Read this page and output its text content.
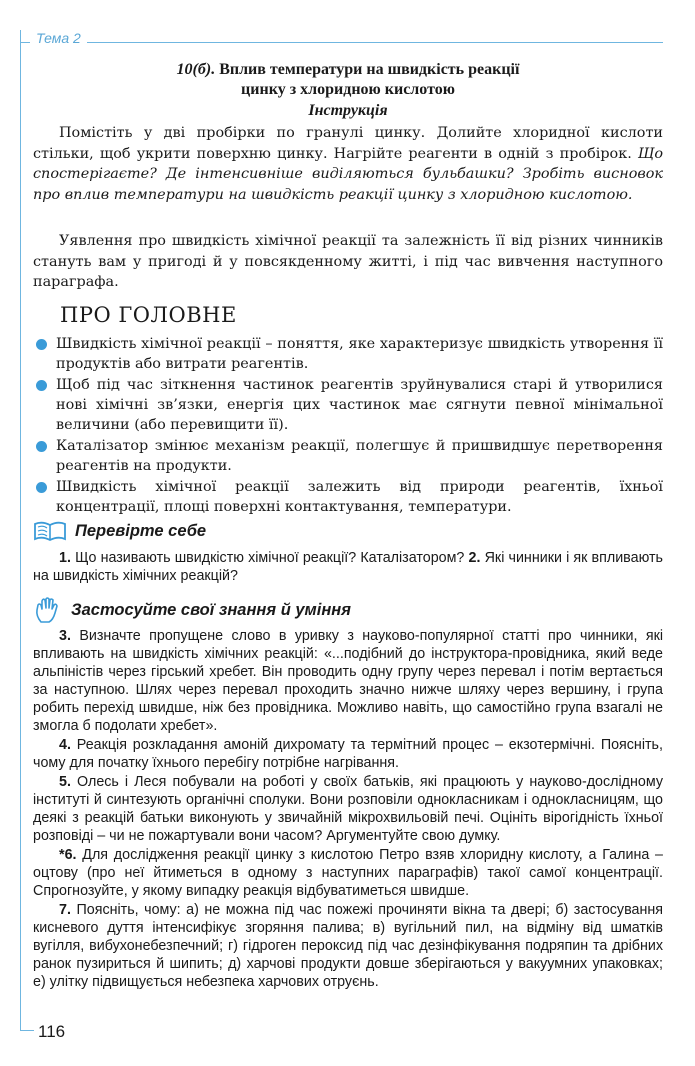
Тема 2
10(б). Вплив температури на швидкість реакції
цинку з хлоридною кислотою
Інструкція
Помістіть у дві пробірки по гранулі цинку. Долийте хлоридної кислоти стільки, щоб укрити поверхню цинку. Нагрійте реагенти в одній з пробірок. Що спостерігаєте? Де інтенсивніше виділяються бульбашки? Зробіть висновок про вплив температури на швидкість реакції цинку з хлоридною кислотою.
Уявлення про швидкість хімічної реакції та залежність її від різних чинників стануть вам у пригоді й у повсякденному житті, і під час вивчення наступного параграфа.
ПРО ГОЛОВНЕ
Швидкість хімічної реакції – поняття, яке характеризує швидкість утворення її продуктів або витрати реагентів.
Щоб під час зіткнення частинок реагентів зруйнувалися старі й утворилися нові хімічні зв’язки, енергія цих частинок має сягнути певної мінімальної величини (або перевищити її).
Каталізатор змінює механізм реакції, полегшує й пришвидшує перетворення реагентів на продукти.
Швидкість хімічної реакції залежить від природи реагентів, їхньої концентрації, площі поверхні контактування, температури.
Перевірте себе

1. Що називають швидкістю хімічної реакції? Каталізатором? 2. Які чинники і як впливають на швидкість хімічних реакцій?

Застосуйте свої знання й уміння

3. Визначте пропущене слово в уривку з науково-популярної статті про чинники, які впливають на швидкість хімічних реакцій: «...подібний до інструктора-провідника, який веде альпіністів через гірський хребет. Він проводить одну групу через перевал і потім вертається за наступною. Шлях через перевал проходить значно нижче шляху через вершину, і група робить перехід швидше, ніж без провідника. Можливо навіть, що самостійно група взагалі не змогла б подолати хребет».

4. Реакція розкладання амоній дихромату та термітний процес – екзотермічні. Поясніть, чому для початку їхнього перебігу потрібне нагрівання.

5. Олесь і Леся побували на роботі у своїх батьків, які працюють у науково-дослідному інституті й синтезують органічні сполуки. Вони розповіли однокласникам і однокласницям, що деякі з реакцій батьки виконують у звичайній мікрохвильовій печі. Оцініть вірогідність їхньої розповіді – чи не пожартували вони часом? Аргументуйте свою думку.

*6. Для дослідження реакції цинку з кислотою Петро взяв хлоридну кислоту, а Галина – оцтову (про неї йтиметься в одному з наступних параграфів) такої самої концентрації. Спрогнозуйте, у якому випадку реакція відбуватиметься швидше.

7. Поясніть, чому: а) не можна під час пожежі прочиняти вікна та двері; б) застосування кисневого дуття інтенсифікує згоряння палива; в) вугільний пил, на відміну від шматків вугілля, вибухонебезпечний; г) гідроген пероксид під час дезінфікування подряпин та дрібних ранок пузириться й шипить; д) харчові продукти довше зберігаються у вакуумних упаковках; е) улітку підвищується небезпека харчових отруєнь.

116
